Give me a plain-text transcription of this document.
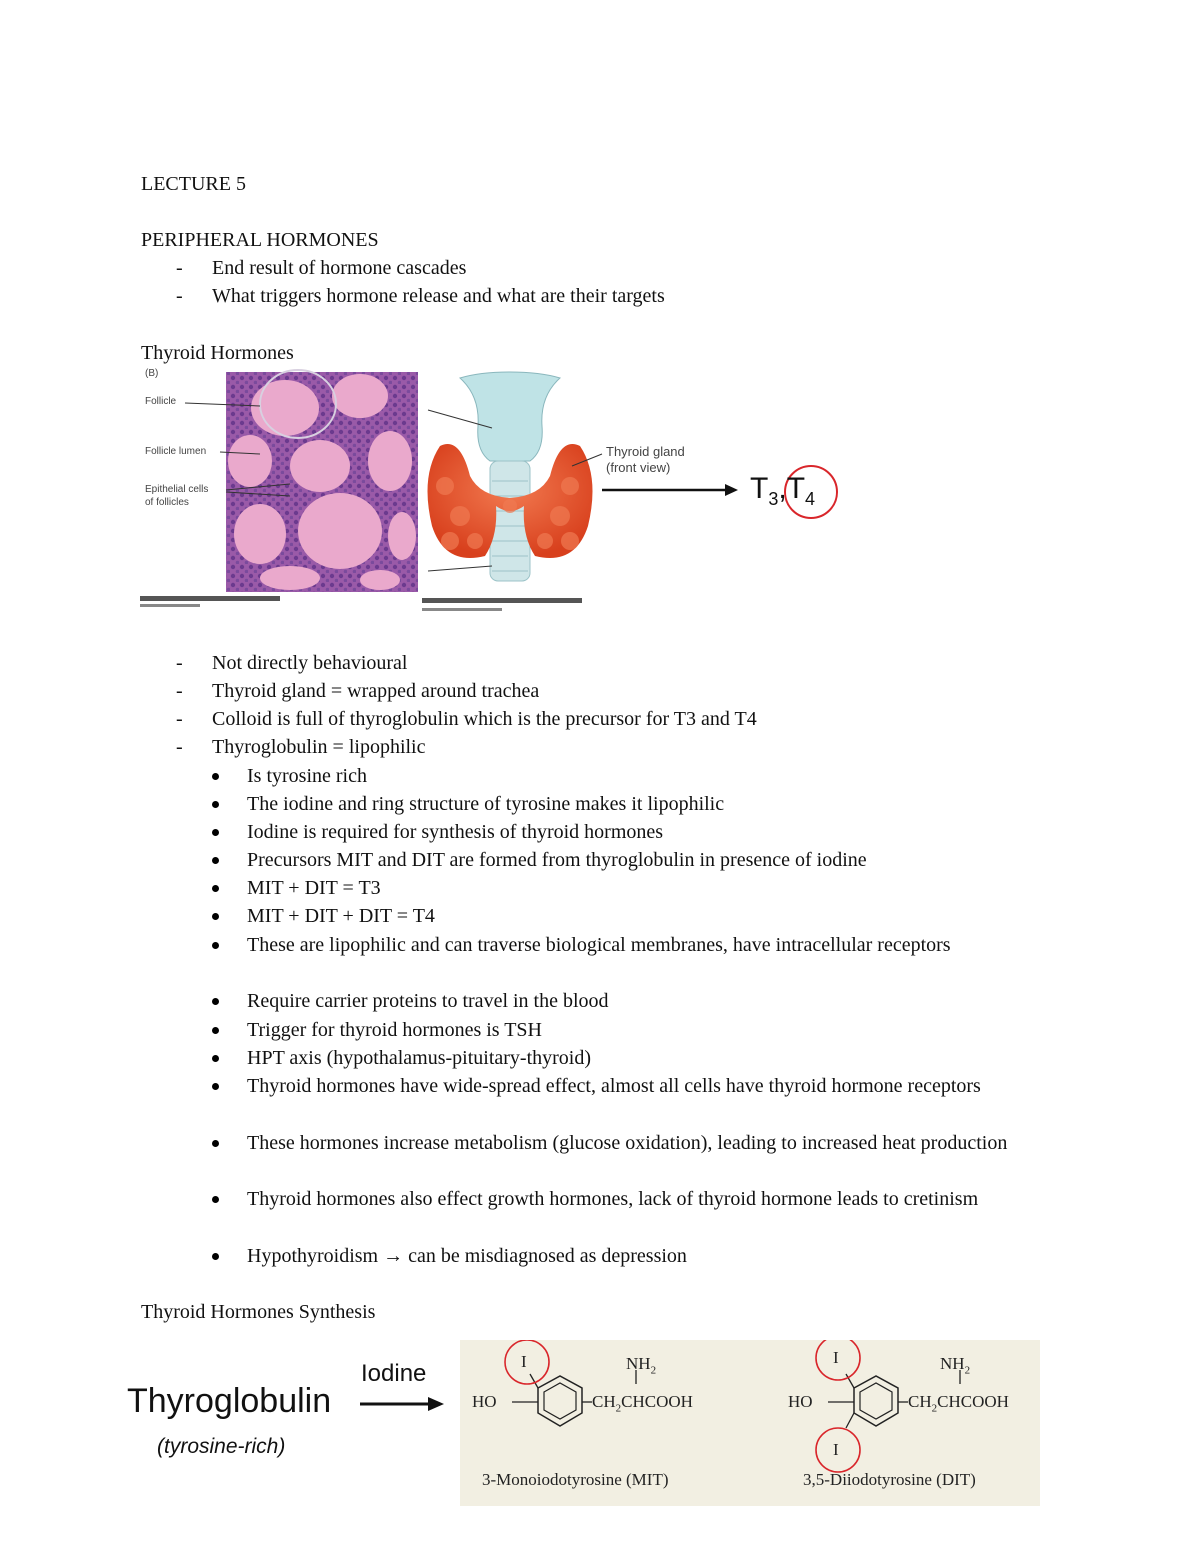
LECTURE 5
PERIPHERAL HORMONES
- End result of hormone cascades
- What triggers hormone release and what are their targets
Thyroid Hormones
(B)
Follicle
Follicle lumen
Epithelial cells
of follicles
Thyroid gland
(front view)
$T_3,T_4$
- Not directly behavioural
- Thyroid gland = wrapped around trachea
- Colloid is full of thyroglobulin which is the precursor for T3 and T4
- Thyroglobulin = lipophilic
Is tyrosine rich
The iodine and ring structure of tyrosine makes it lipophilic
Iodine is required for synthesis of thyroid hormones
Precursors MIT and DIT are formed from thyroglobulin in presence of iodine
MIT + DIT = T3
MIT + DIT + DIT = T4
These are lipophilic and can traverse biological membranes, have intracellular receptors
Require carrier proteins to travel in the blood
Trigger for thyroid hormones is TSH
HPT axis (hypothalamus-pituitary-thyroid)
Thyroid hormones have wide-spread effect, almost all cells have thyroid hormone receptors
These hormones increase metabolism (glucose oxidation), leading to increased heat production
Thyroid hormones also effect growth hormones, lack of thyroid hormone leads to cretinism
Hypothyroidism → can be misdiagnosed as depression
Thyroid Hormones Synthesis
Thyroglobulin
(tyrosine-rich)
Iodine	I	$NH_2$
HO	$CH_2CHCOOH$
3-Monoiodotyrosine (MIT)
I
I
$NH_2$
HO	$CH_2CHCOOH$
3,5-Diiodotyrosine (DIT)
